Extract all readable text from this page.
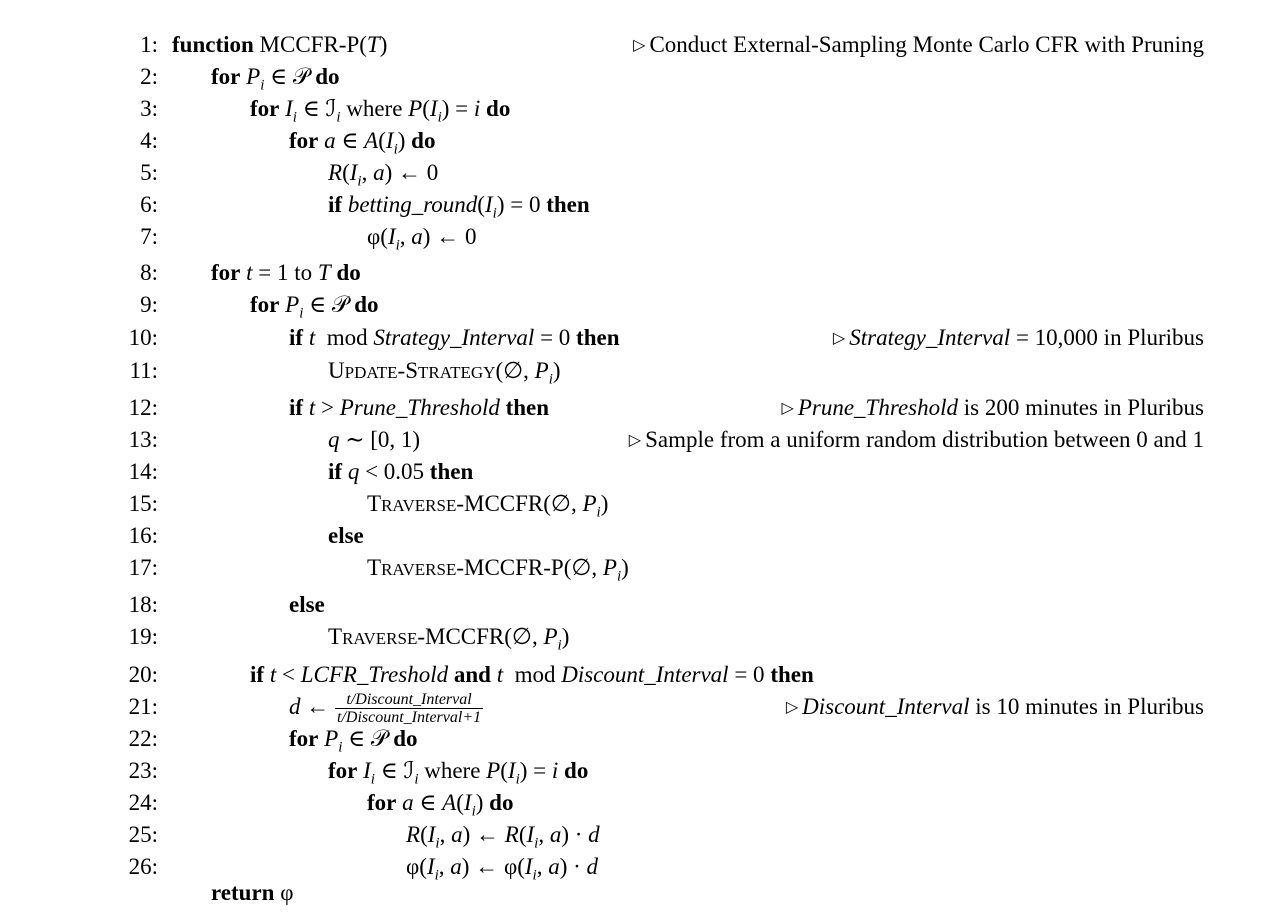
1: function MCCFR-P(T)	▷ Conduct External-Sampling Monte Carlo CFR with Pruning
2: for $P_i$ ∈ 𝒫 do
3:	for $I_i$ ∈ ℐ$_i$ where $P(I_i) = i$ do
4:	for a ∈ $A(I_i)$ do
5:	$R(I_i$, a) ← 0
6:	if $betting\_round(I_i) = 0$ then
7:	$\varphi(I_i$, a) ← 0
8: for t = 1 to T do
9:	for $P_i$ ∈ 𝒫 do
10:	if t  mod Strategy_Interval = 0 then	▷ Strategy_Interval = 10,000 in Pluribus
11:	UPDATE-STRATEGY(∅, $P_i$)
12:	if t > Prune_Threshold then	▷ Prune_Threshold is 200 minutes in Pluribus
13:	q ∼ [0, 1)	▷ Sample from a uniform random distribution between 0 and 1
14:	if q < 0.05 then
15:	TRAVERSE-MCCFR(∅, $P_i$)
16:	else
17:	TRAVERSE-MCCFR-P(∅, $P_i$)
18:	else
19:	TRAVERSE-MCCFR(∅, $P_i$)
20:	if t < LCFR_Treshold and t  mod Discount_Interval = 0 then
21:	d ← $\frac{\text{t/Discount\_Interval}}{\text{t/Discount\_Interval+1}}$	▷ Discount_Interval is 10 minutes in Pluribus
22:	for $P_i$ ∈ 𝒫 do
23:	for $I_i$ ∈ ℐ$_i$ where $P(I_i) = i$ do
24:	for a ∈ $A(I_i)$ do
25:	$R(I_i$, a) ← $R(I_i$, a) · d
26:	$\varphi(I_i$, a) ← $\varphi(I_i$, a) · d
return φ
